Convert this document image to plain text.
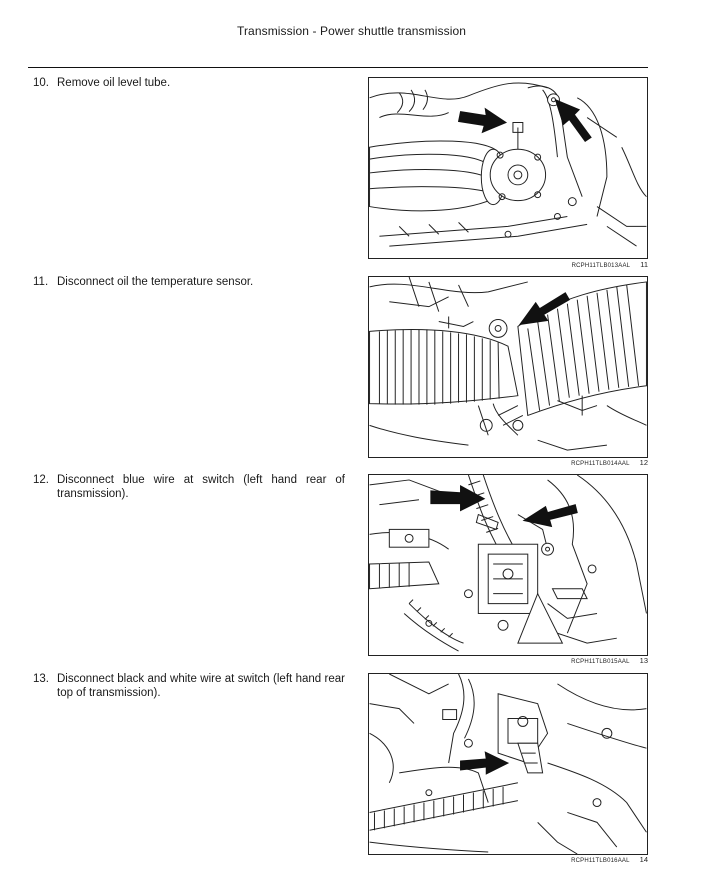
Transmission - Power shuttle transmission
10. Remove oil level tube.
RCPH11TLB013AAL 11
11. Disconnect oil the temperature sensor.
RCPH11TLB014AAL 12
12. Disconnect blue wire at switch (left hand rear of transmission).
RCPH11TLB015AAL 13
13. Disconnect black and white wire at switch (left hand rear top of transmission).
RCPH11TLB016AAL 14
